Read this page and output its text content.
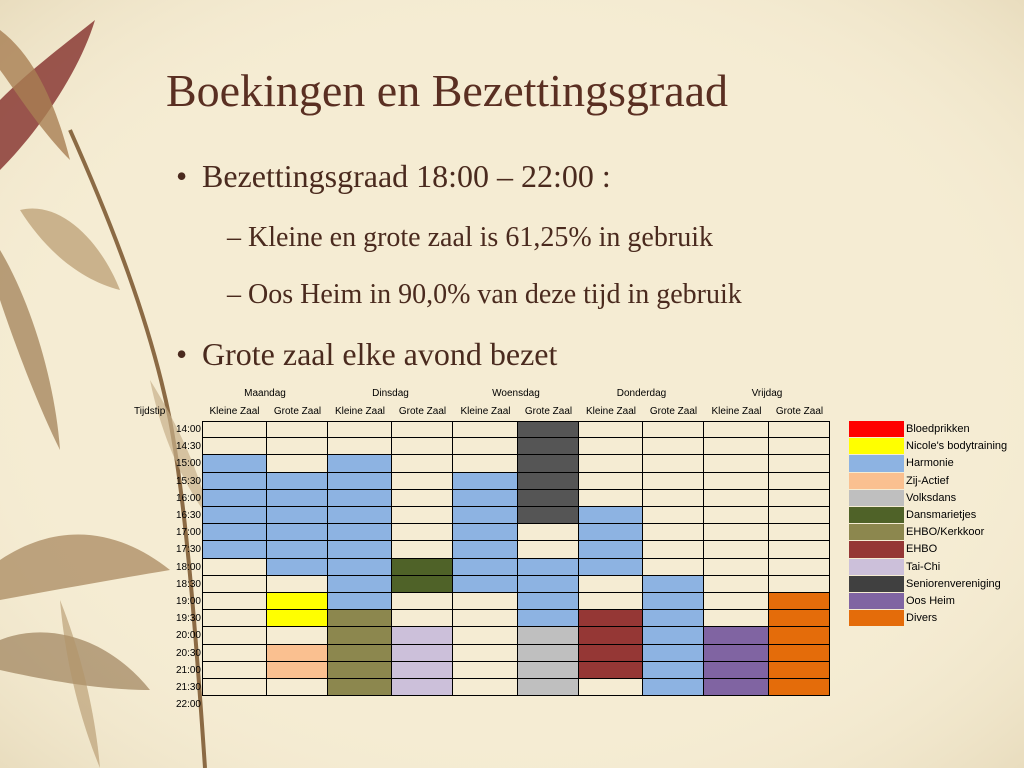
Boekingen en Bezettingsgraad
• Bezettingsgraad 18:00 – 22:00 :
– Kleine en grote zaal is 61,25% in gebruik
– Oos Heim in 90,0% van deze tijd in gebruik
• Grote zaal elke avond bezet
Maandag	Dinsdag	Woensdag	Donderdag	Vrijdag
Tijdstip	Kleine Zaal	Grote Zaal	Kleine Zaal	Grote Zaal	Kleine Zaal	Grote Zaal	Kleine Zaal	Grote Zaal	Kleine Zaal	Grote Zaal
14:00
14:30
15:00
15:30
16:00
16:30
17:00
17:30
18:00
18:30
19:00
19:30
20:00
20:30
21:00
21:30
22:00
Bloedprikken
Nicole's bodytraining
Harmonie
Zij-Actief
Volksdans
Dansmarietjes
EHBO/Kerkkoor
EHBO
Tai-Chi
Seniorenvereniging
Oos Heim
Divers
